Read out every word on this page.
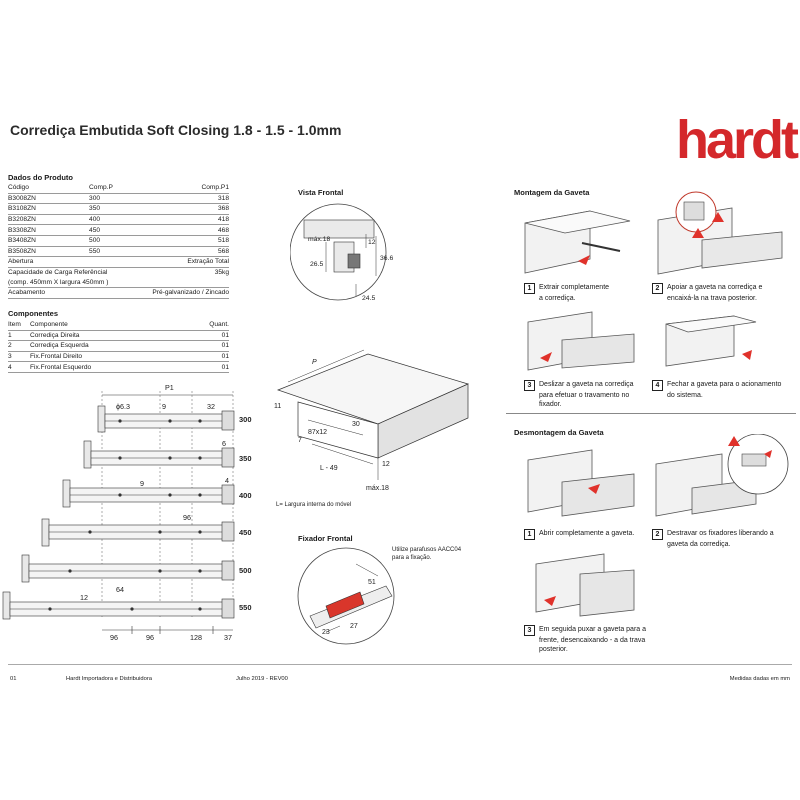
Corrediça Embutida Soft Closing 1.8 - 1.5 - 1.0mm	hardt
Dados do Produto
Código	Comp.P	Comp.P1
B3008ZN	300	318
B3108ZN	350	368
B3208ZN	400	418
B3308ZN	450	468
B3408ZN	500	518
B3508ZN	550	568
Abertura		Extração Total
Capacidade de Carga Referêncial		35kg
(comp. 450mm X largura 450mm )		
Acabamento		Pré-galvanizado / Zincado
Componentes
Item	Componente	Quant.
1	Corrediça Direita	01
2	Corrediça Esquerda	01
3	Fix.Frontal Direito	01
4	Fix.Frontal Esquerdo	01
P1
ϕ6.3	9	32
6
4
9
96
64
12
96	96	128	37
300
350
400
450
500
550
Vista Frontal
máx.18	12
26.5
36.6
24.5
P
11
30
87x12
7
12
L - 49
máx.18
L= Largura interna do móvel
Fixador Frontal
Utilize parafusos AACC04
para a fixação.
51
23
27
Montagem da Gaveta
1 Extrair completamente
a corrediça.
2 Apoiar a gaveta na corrediça e
encaixá-la na trava posterior.
3 Deslizar a gaveta na corrediça
para efetuar o travamento no
fixador.
4 Fechar a gaveta para o acionamento
do sistema.
Desmontagem da Gaveta
1 Abrir completamente a gaveta.	2 Destravar os fixadores liberando a
gaveta da corrediça.
3 Em seguida puxar a gaveta para a
frente, desencaixando - a da trava
posterior.
01	Hardt Importadora e Distribuidora	Julho 2019 - REV00	Medidas dadas em mm
